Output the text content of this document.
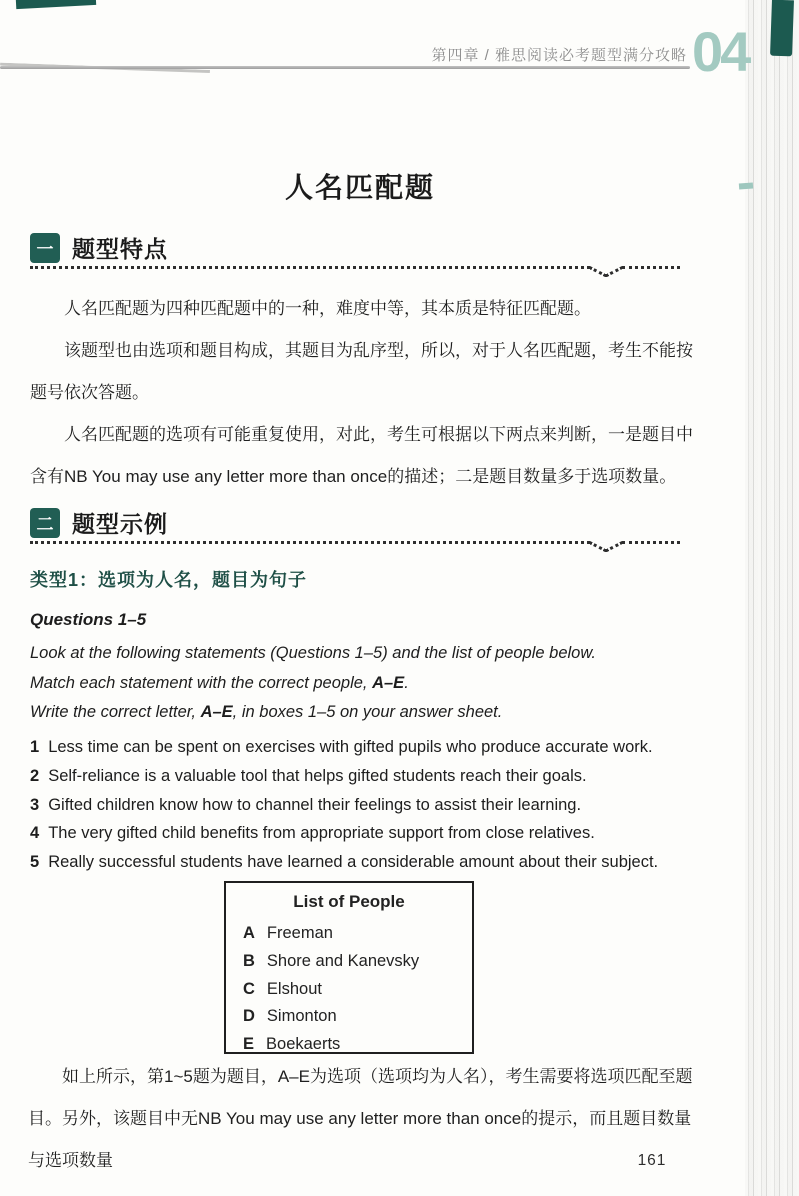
第四章 / 雅思阅读必考题型满分攻略 04
人名匹配题
一 题型特点

人名匹配题为四种匹配题中的一种，难度中等，其本质是特征匹配题。

该题型也由选项和题目构成，其题目为乱序型，所以，对于人名匹配题，考生不能按题号依次答题。

人名匹配题的选项有可能重复使用，对此，考生可根据以下两点来判断，一是题目中含有NB You may use any letter more than once的描述；二是题目数量多于选项数量。

二 题型示例
类型1：选项为人名，题目为句子
Questions 1–5
Look at the following statements (Questions 1–5) and the list of people below.
Match each statement with the correct people, A–E.
Write the correct letter, A–E, in boxes 1–5 on your answer sheet.
1 Less time can be spent on exercises with gifted pupils who produce accurate work.
2 Self-reliance is a valuable tool that helps gifted students reach their goals.
3 Gifted children know how to channel their feelings to assist their learning.
4 The very gifted child benefits from appropriate support from close relatives.
5 Really successful students have learned a considerable amount about their subject.
List of People
A Freeman
B Shore and Kanevsky
C Elshout
D Simonton
E Boekaerts

如上所示，第1~5题为题目，A–E为选项（选项均为人名），考生需要将选项匹配至题目。另外，该题目中无NB You may use any letter more than once的提示，而且题目数量与选项数量	161
